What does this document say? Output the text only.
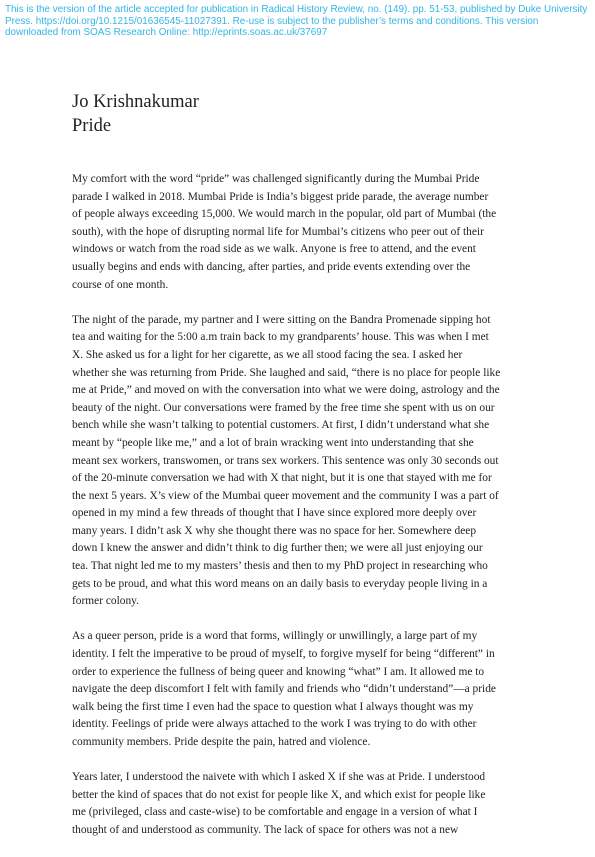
This is the version of the article accepted for publication in Radical History Review, no. (149). pp. 51-53, published by Duke University Press. https://doi.org/10.1215/01636545-11027391. Re-use is subject to the publisher’s terms and conditions. This version downloaded from SOAS Research Online: http://eprints.soas.ac.uk/37697

Jo Krishnakumar
Pride

My comfort with the word “pride” was challenged significantly during the Mumbai Pride
parade I walked in 2018. Mumbai Pride is India’s biggest pride parade, the average number
of people always exceeding 15,000. We would march in the popular, old part of Mumbai (the
south), with the hope of disrupting normal life for Mumbai’s citizens who peer out of their
windows or watch from the road side as we walk. Anyone is free to attend, and the event
usually begins and ends with dancing, after parties, and pride events extending over the
course of one month.

The night of the parade, my partner and I were sitting on the Bandra Promenade sipping hot
tea and waiting for the 5:00 a.m train back to my grandparents’ house. This was when I met
X. She asked us for a light for her cigarette, as we all stood facing the sea. I asked her
whether she was returning from Pride. She laughed and said, “there is no place for people like
me at Pride,” and moved on with the conversation into what we were doing, astrology and the
beauty of the night. Our conversations were framed by the free time she spent with us on our
bench while she wasn’t talking to potential customers. At first, I didn’t understand what she
meant by “people like me,” and a lot of brain wracking went into understanding that she
meant sex workers, transwomen, or trans sex workers. This sentence was only 30 seconds out
of the 20-minute conversation we had with X that night, but it is one that stayed with me for
the next 5 years. X’s view of the Mumbai queer movement and the community I was a part of
opened in my mind a few threads of thought that I have since explored more deeply over
many years. I didn’t ask X why she thought there was no space for her. Somewhere deep
down I knew the answer and didn’t think to dig further then; we were all just enjoying our
tea. That night led me to my masters’ thesis and then to my PhD project in researching who
gets to be proud, and what this word means on an daily basis to everyday people living in a
former colony.

As a queer person, pride is a word that forms, willingly or unwillingly, a large part of my
identity. I felt the imperative to be proud of myself, to forgive myself for being “different” in
order to experience the fullness of being queer and knowing “what” I am. It allowed me to
navigate the deep discomfort I felt with family and friends who “didn’t understand”—a pride
walk being the first time I even had the space to question what I always thought was my
identity. Feelings of pride were always attached to the work I was trying to do with other
community members. Pride despite the pain, hatred and violence.

Years later, I understood the naivete with which I asked X if she was at Pride. I understood
better the kind of spaces that do not exist for people like X, and which exist for people like
me (privileged, class and caste-wise) to be comfortable and engage in a version of what I
thought of and understood as community. The lack of space for others was not a new
